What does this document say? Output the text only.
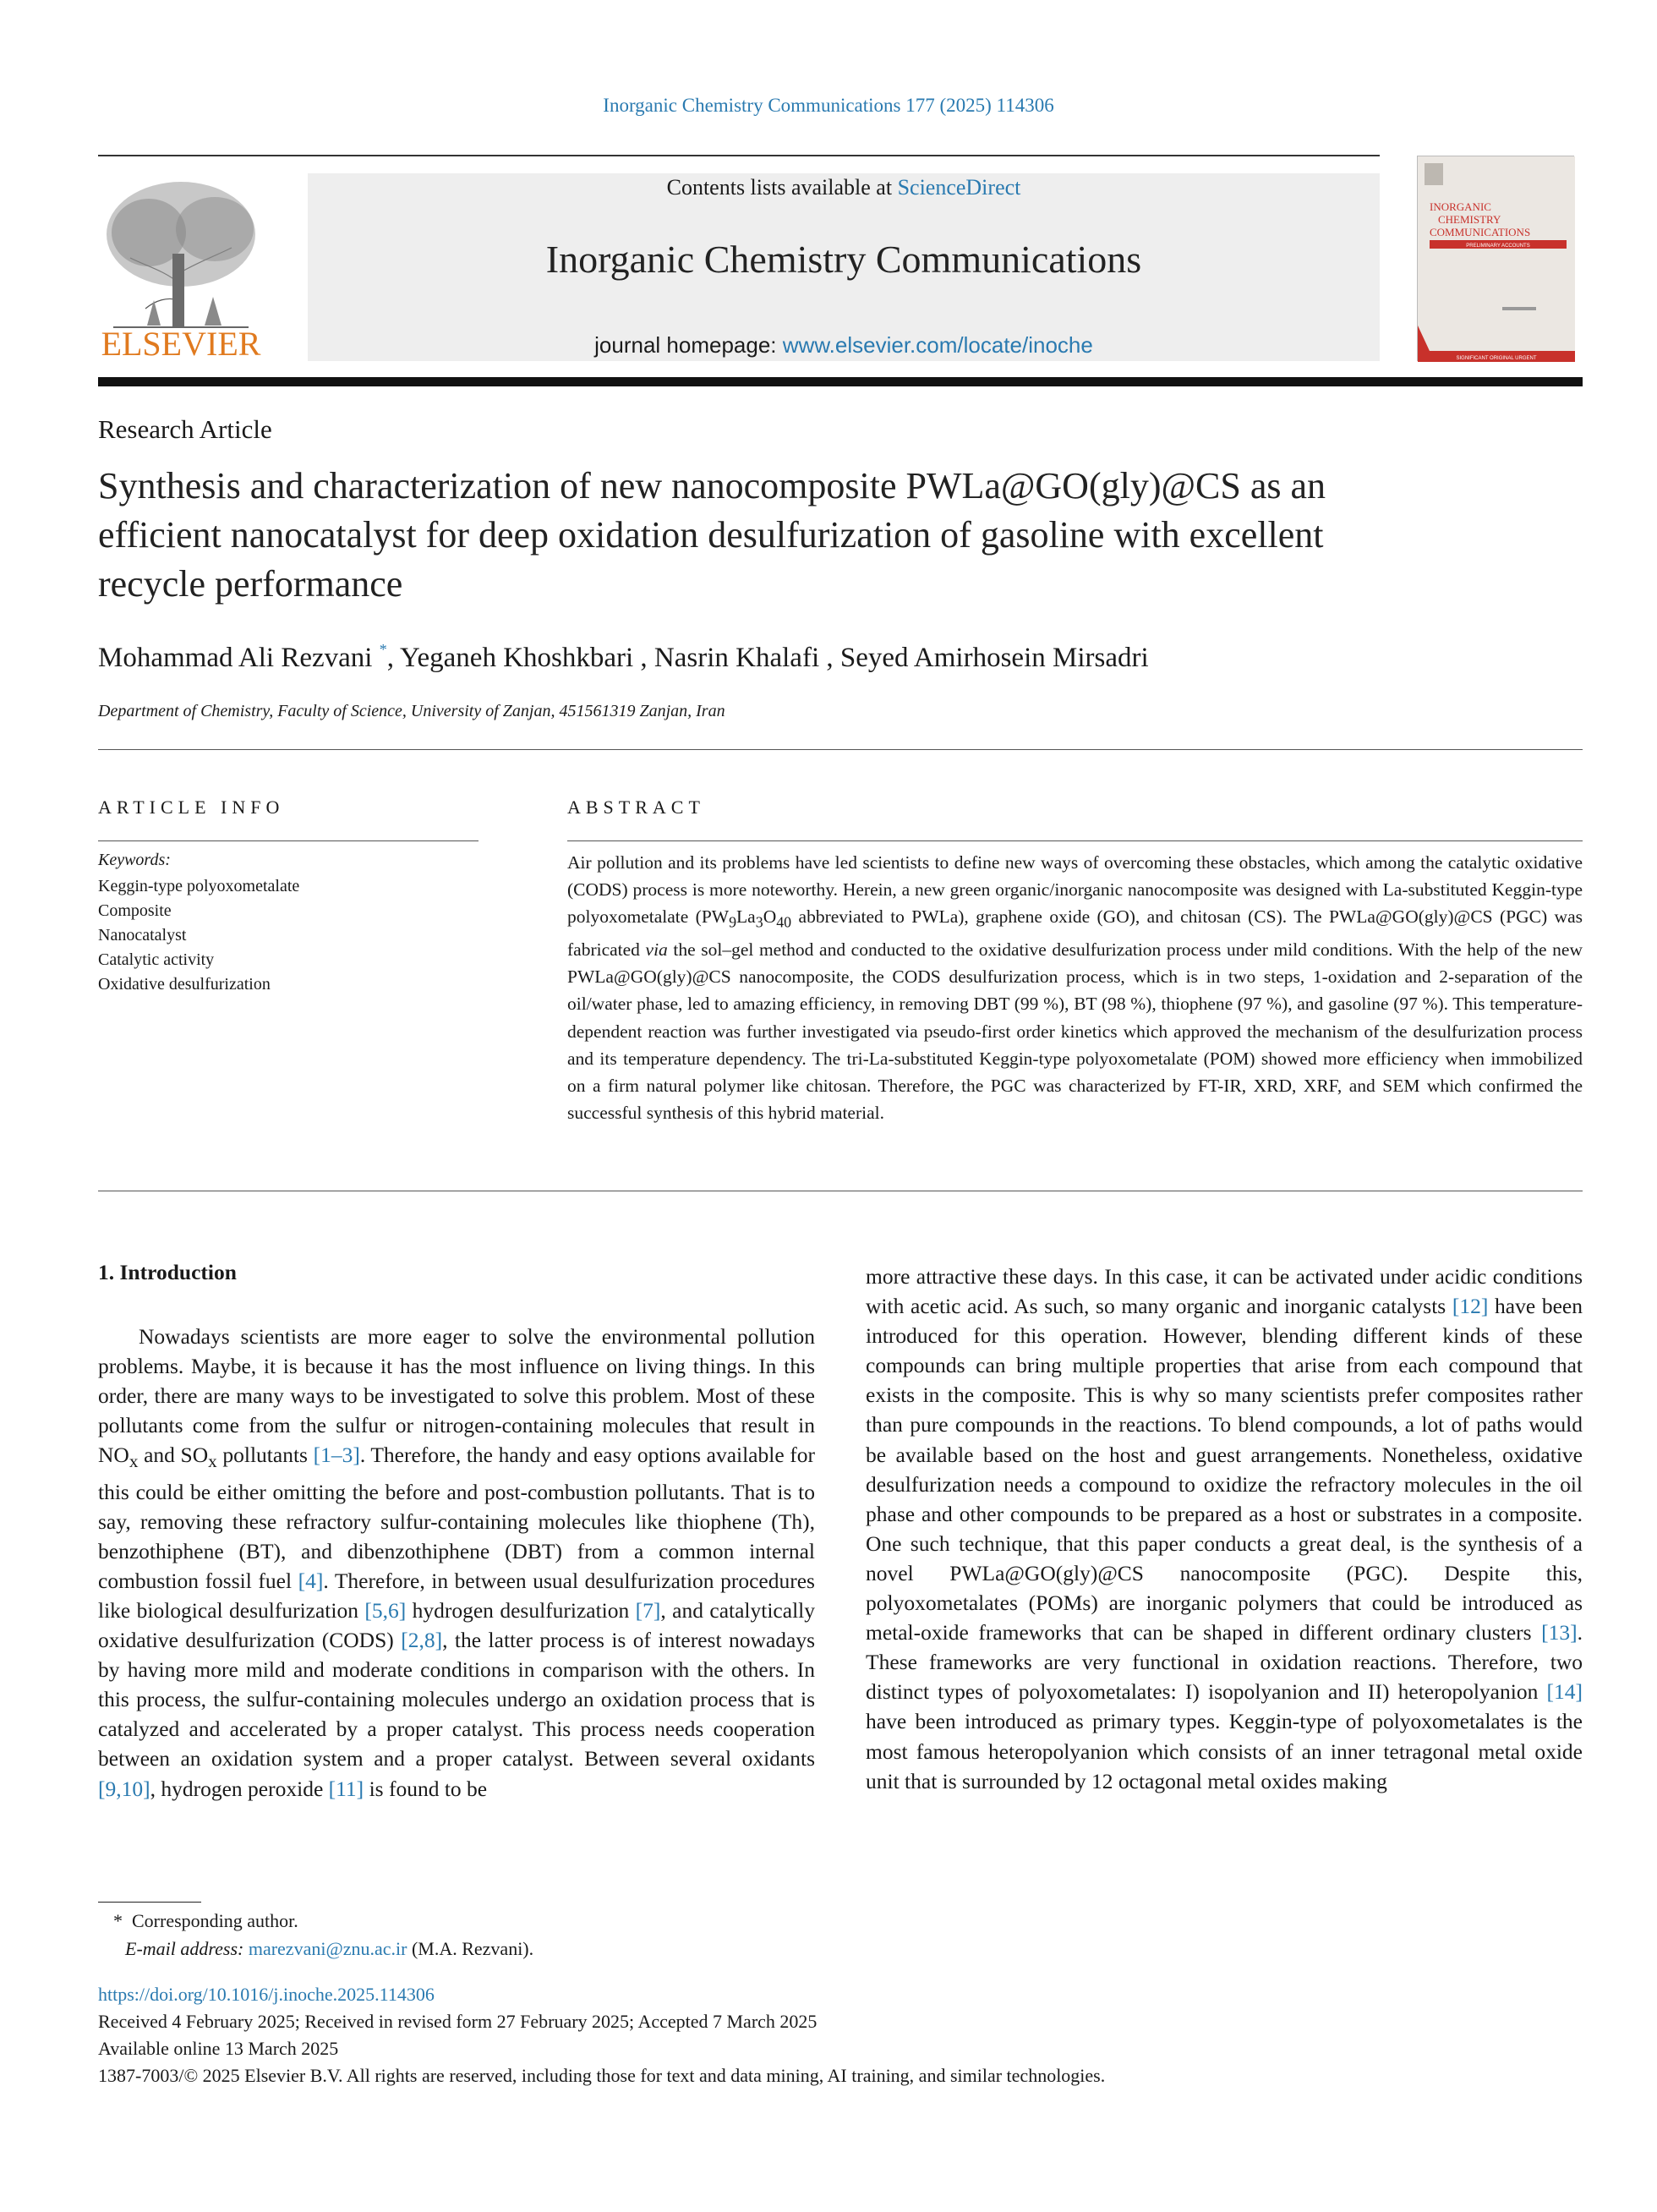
Inorganic Chemistry Communications 177 (2025) 114306
ELSEVIER
Contents lists available at ScienceDirect
Inorganic Chemistry Communications
journal homepage: www.elsevier.com/locate/inoche
INORGANIC
CHEMISTRY
COMMUNICATIONS
PRELIMINARY ACCOUNTS
SIGNIFICANT ORIGINAL URGENT
Research Article
Synthesis and characterization of new nanocomposite PWLa@GO(gly)@CS as an efficient nanocatalyst for deep oxidation desulfurization of gasoline with excellent recycle performance
Mohammad Ali Rezvani *, Yeganeh Khoshkbari , Nasrin Khalafi , Seyed Amirhosein Mirsadri
Department of Chemistry, Faculty of Science, University of Zanjan, 451561319 Zanjan, Iran
ARTICLE INFO
Keywords:
Keggin-type polyoxometalate
Composite
Nanocatalyst
Catalytic activity
Oxidative desulfurization
ABSTRACT
Air pollution and its problems have led scientists to define new ways of overcoming these obstacles, which among the catalytic oxidative (CODS) process is more noteworthy. Herein, a new green organic/inorganic nanocomposite was designed with La-substituted Keggin-type polyoxometalate ($PW_9La_3O_{40}$ abbreviated to PWLa), graphene oxide (GO), and chitosan (CS). The PWLa@GO(gly)@CS (PGC) was fabricated via the sol–gel method and conducted to the oxidative desulfurization process under mild conditions. With the help of the new PWLa@GO(gly)@CS nanocomposite, the CODS desulfurization process, which is in two steps, 1-oxidation and 2-separation of the oil/water phase, led to amazing efficiency, in removing DBT (99 %), BT (98 %), thiophene (97 %), and gasoline (97 %). This temperature-dependent reaction was further investigated via pseudo-first order kinetics which approved the mechanism of the desulfurization process and its temperature dependency. The tri-La-substituted Keggin-type polyoxometalate (POM) showed more efficiency when immobilized on a firm natural polymer like chitosan. Therefore, the PGC was characterized by FT-IR, XRD, XRF, and SEM which confirmed the successful synthesis of this hybrid material.
1. Introduction
Nowadays scientists are more eager to solve the environmental pollution problems. Maybe, it is because it has the most influence on living things. In this order, there are many ways to be investigated to solve this problem. Most of these pollutants come from the sulfur or nitrogen-containing molecules that result in $NO_x$ and $SO_x$ pollutants [1–3]. Therefore, the handy and easy options available for this could be either omitting the before and post-combustion pollutants. That is to say, removing these refractory sulfur-containing molecules like thiophene (Th), benzothiphene (BT), and dibenzothiphene (DBT) from a common internal combustion fossil fuel [4]. Therefore, in between usual desulfurization procedures like biological desulfurization [5,6] hydrogen desulfurization [7], and catalytically oxidative desulfurization (CODS) [2,8], the latter process is of interest nowadays by having more mild and moderate conditions in comparison with the others. In this process, the sulfur-containing molecules undergo an oxidation process that is catalyzed and accelerated by a proper catalyst. This process needs cooperation between an oxidation system and a proper catalyst. Between several oxidants [9,10], hydrogen peroxide [11] is found to be
more attractive these days. In this case, it can be activated under acidic conditions with acetic acid. As such, so many organic and inorganic catalysts [12] have been introduced for this operation. However, blending different kinds of these compounds can bring multiple properties that arise from each compound that exists in the composite. This is why so many scientists prefer composites rather than pure compounds in the reactions. To blend compounds, a lot of paths would be available based on the host and guest arrangements. Nonetheless, oxidative desulfurization needs a compound to oxidize the refractory molecules in the oil phase and other compounds to be prepared as a host or substrates in a composite. One such technique, that this paper conducts a great deal, is the synthesis of a novel PWLa@GO(gly)@CS nanocomposite (PGC). Despite this, polyoxometalates (POMs) are inorganic polymers that could be introduced as metal-oxide frameworks that can be shaped in different ordinary clusters [13]. These frameworks are very functional in oxidation reactions. Therefore, two distinct types of polyoxometalates: I) isopolyanion and II) heteropolyanion [14] have been introduced as primary types. Keggin-type of polyoxometalates is the most famous heteropolyanion which consists of an inner tetragonal metal oxide unit that is surrounded by 12 octagonal metal oxides making
* Corresponding author.
E-mail address: marezvani@znu.ac.ir (M.A. Rezvani).
https://doi.org/10.1016/j.inoche.2025.114306
Received 4 February 2025; Received in revised form 27 February 2025; Accepted 7 March 2025
Available online 13 March 2025
1387-7003/© 2025 Elsevier B.V. All rights are reserved, including those for text and data mining, AI training, and similar technologies.
